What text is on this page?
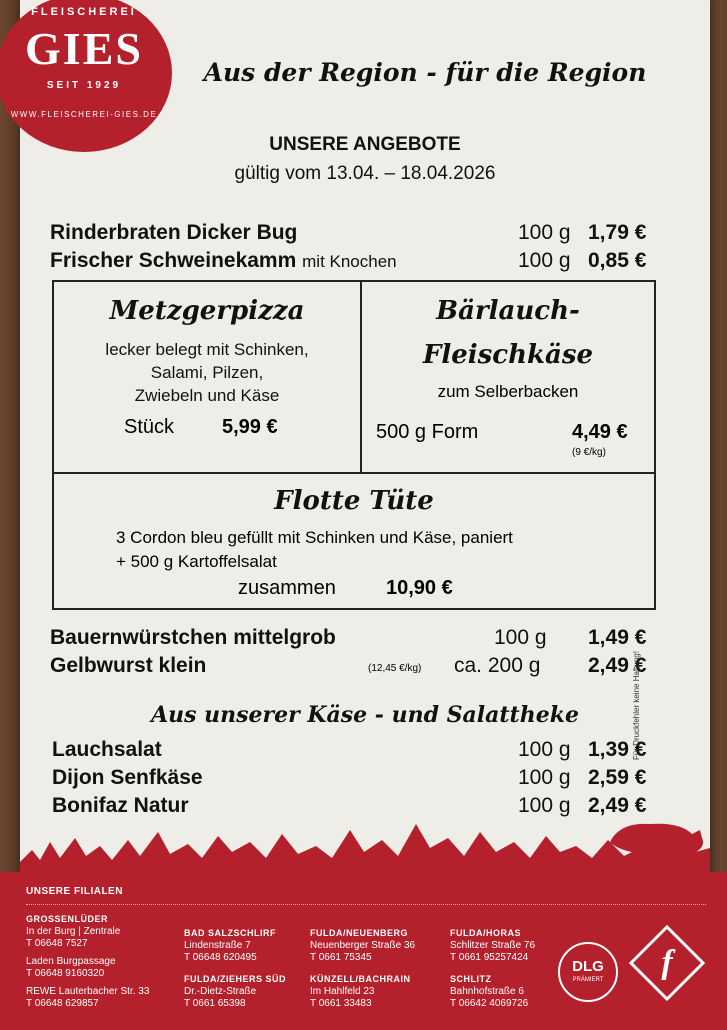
Aus der Region - für die Region
UNSERE ANGEBOTE
gültig vom 13.04. – 18.04.2026
Rinderbraten Dicker Bug	100 g 1,79 €
Frischer Schweinekamm mit Knochen	100 g 0,85 €
Metzgerpizza
lecker belegt mit Schinken,
Salami, Pilzen,
Zwiebeln und Käse
Stück 5,99 €
Bärlauch-
Fleischkäse
zum Selberbacken
500 g Form	4,49 €
(9 €/kg)
Flotte Tüte
3 Cordon bleu gefüllt mit Schinken und Käse, paniert
+ 500 g Kartoffelsalat
zusammen	10,90 €
Bauernwürstchen mittelgrob	100 g 1,49 €
Gelbwurst klein	(12,45 €/kg) ca. 200 g 2,49 €
Aus unserer Käse - und Salattheke
Lauchsalat	100 g 1,39 €
Dijon Senfkäse	100 g 2,59 €
Bonifaz Natur	100 g 2,49 €
Für Druckfehler keine Haftung!
FLEISCHEREI
GIES
SEIT 1929
WWW.FLEISCHEREI-GIES.DE
UNSERE FILIALEN
GROSSENLÜDER
In der Burg | Zentrale
T 06648 7527
Laden Burgpassage
T 06648 9160320
REWE Lauterbacher Str. 33
T 06648 629857
BAD SALZSCHLIRF
Lindenstraße 7
T 06648 620495
FULDA/ZIEHERS SÜD
Dr.-Dietz-Straße
T 0661 65398
FULDA/NEUENBERG
Neuenberger Straße 36
T 0661 75345
KÜNZELL/BACHRAIN
Im Hahlfeld 23
T 0661 33483
FULDA/HORAS
Schlitzer Straße 76
T 0661 95257424
SCHLITZ
Bahnhofstraße 6
T 06642 4069726
DLG
PRÄMIERT	f
